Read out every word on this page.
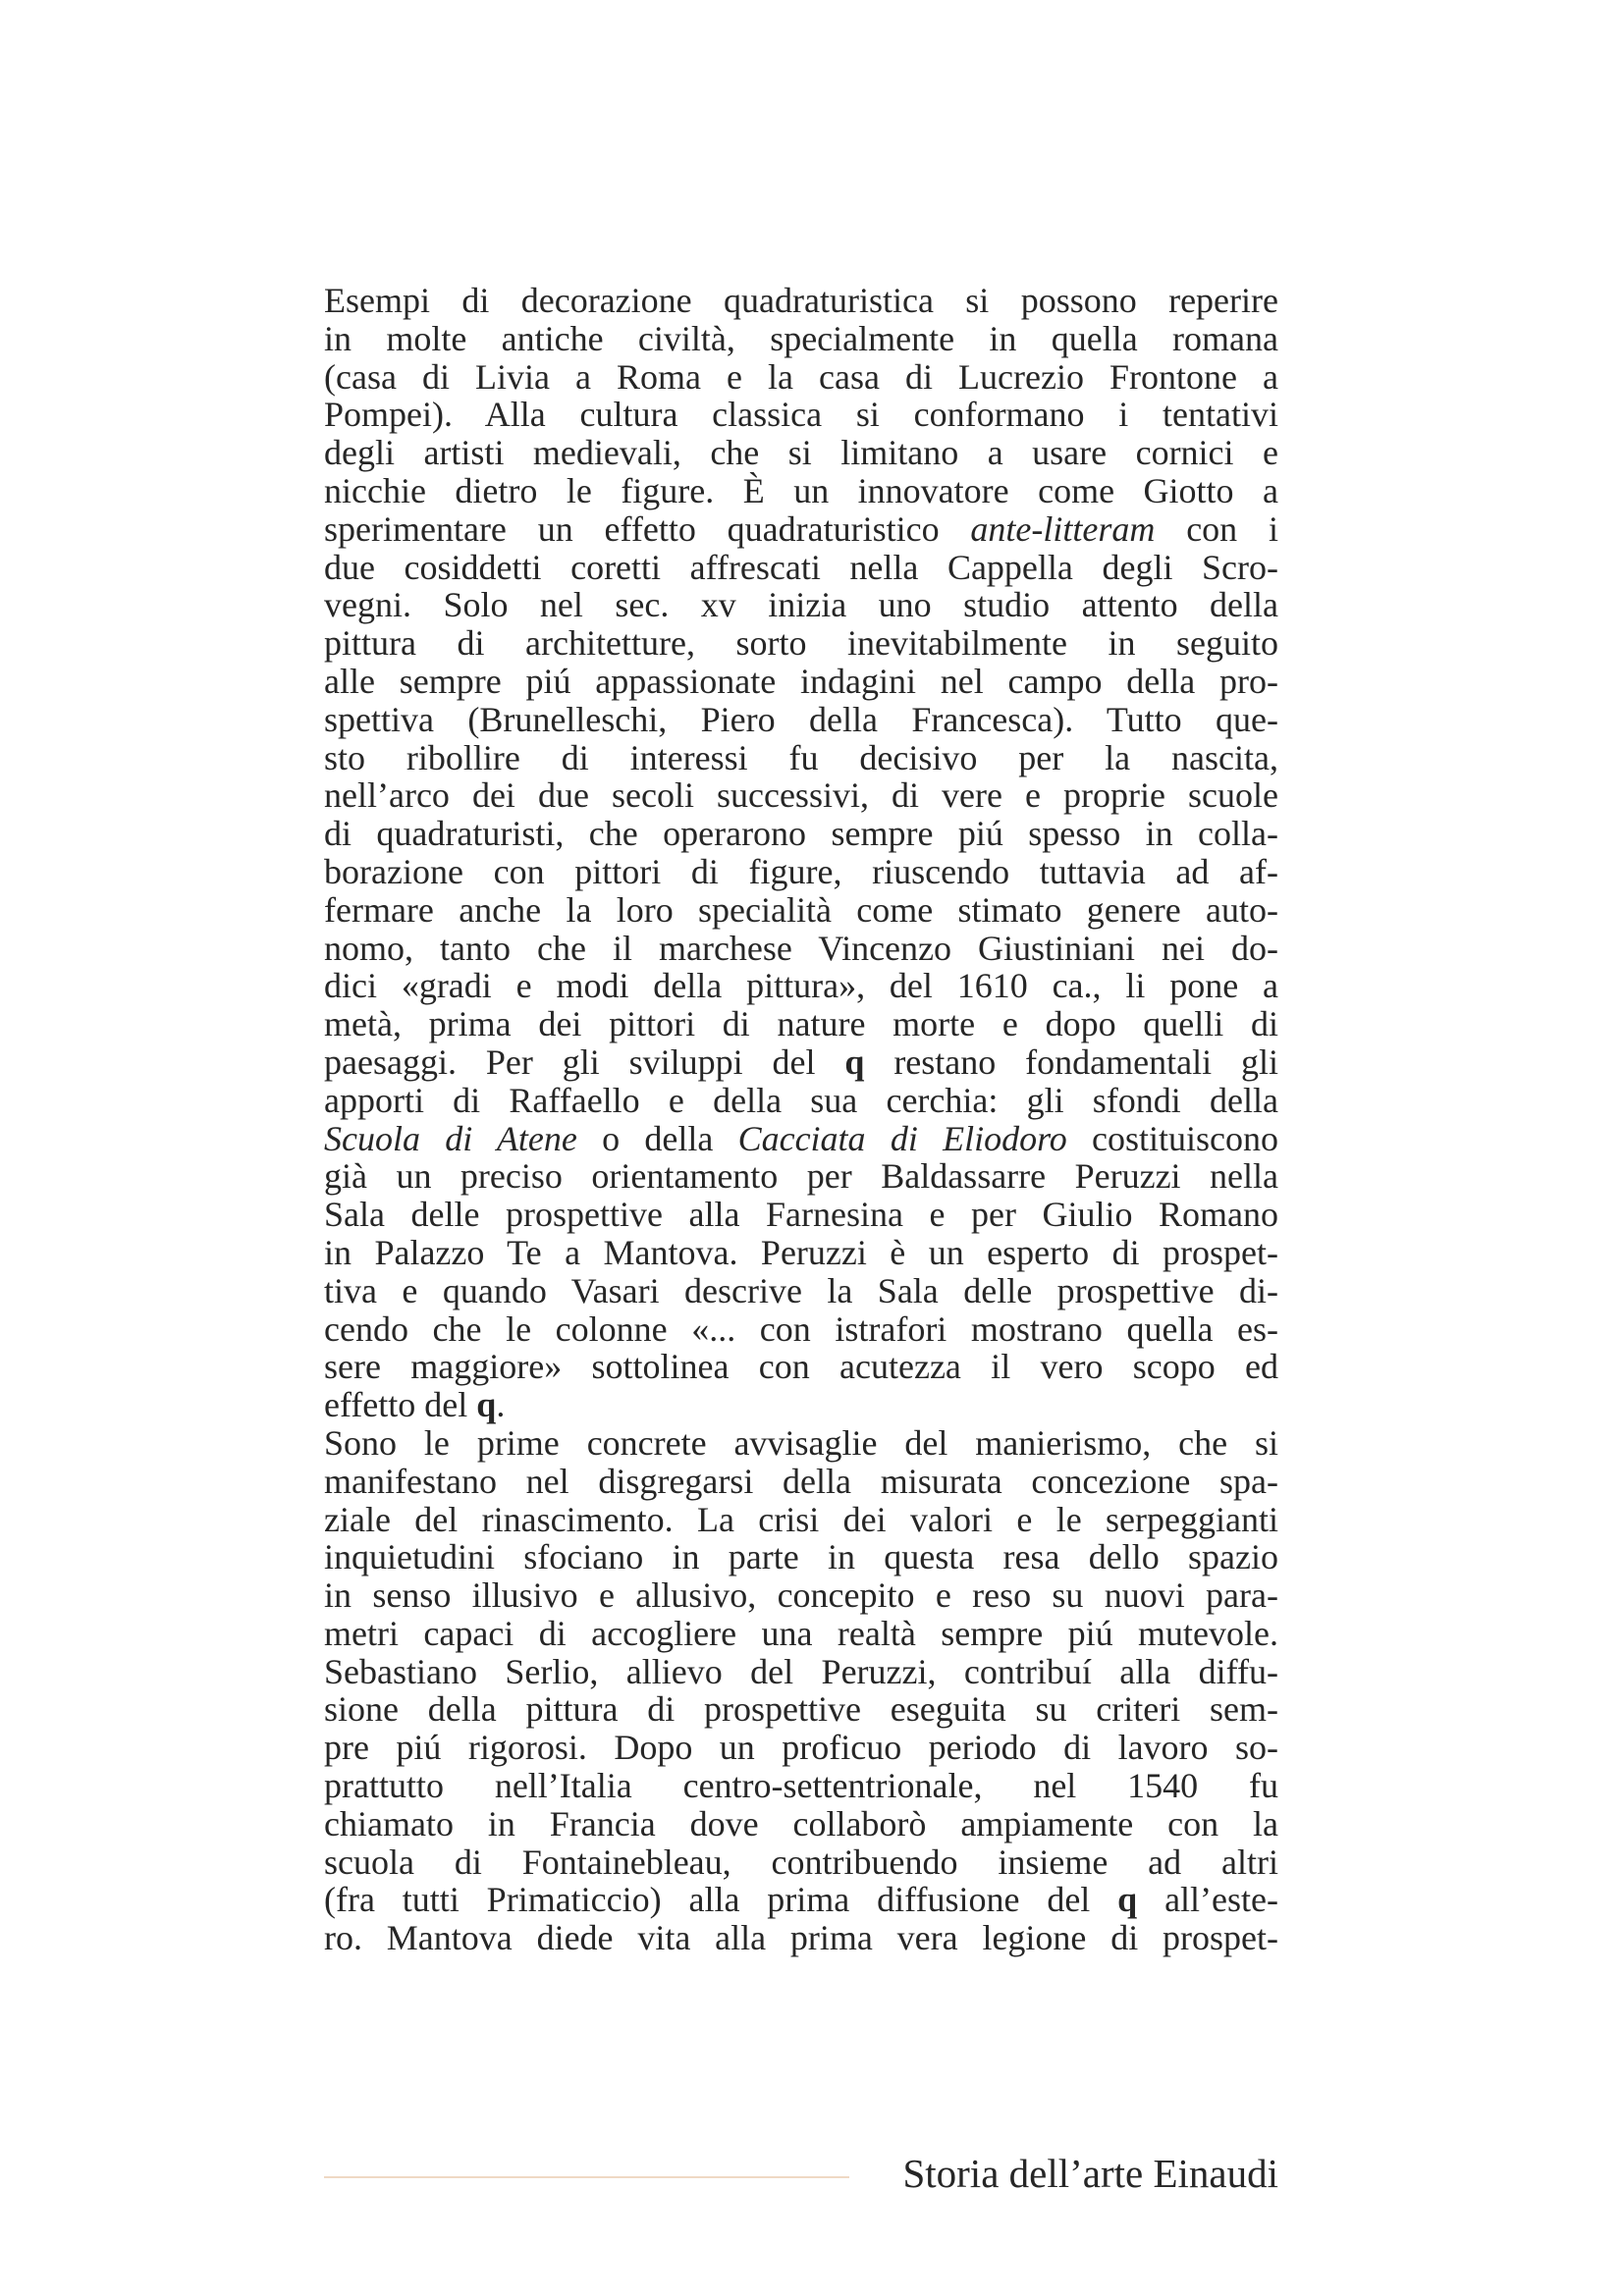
Esempi di decorazione quadraturistica si possono reperire
in molte antiche civiltà, specialmente in quella romana
(casa di Livia a Roma e la casa di Lucrezio Frontone a
Pompei). Alla cultura classica si conformano i tentativi
degli artisti medievali, che si limitano a usare cornici e
nicchie dietro le figure. È un innovatore come Giotto a
sperimentare un effetto quadraturistico ante-litteram con i
due cosiddetti coretti affrescati nella Cappella degli Scro-
vegni. Solo nel sec. xv inizia uno studio attento della
pittura di architetture, sorto inevitabilmente in seguito
alle sempre piú appassionate indagini nel campo della pro-
spettiva (Brunelleschi, Piero della Francesca). Tutto que-
sto ribollire di interessi fu decisivo per la nascita,
nell’arco dei due secoli successivi, di vere e proprie scuole
di quadraturisti, che operarono sempre piú spesso in colla-
borazione con pittori di figure, riuscendo tuttavia ad af-
fermare anche la loro specialità come stimato genere auto-
nomo, tanto che il marchese Vincenzo Giustiniani nei do-
dici «gradi e modi della pittura», del 1610 ca., li pone a
metà, prima dei pittori di nature morte e dopo quelli di
paesaggi. Per gli sviluppi del q restano fondamentali gli
apporti di Raffaello e della sua cerchia: gli sfondi della
Scuola di Atene o della Cacciata di Eliodoro costituiscono
già un preciso orientamento per Baldassarre Peruzzi nella
Sala delle prospettive alla Farnesina e per Giulio Romano
in Palazzo Te a Mantova. Peruzzi è un esperto di prospet-
tiva e quando Vasari descrive la Sala delle prospettive di-
cendo che le colonne «... con istrafori mostrano quella es-
sere maggiore» sottolinea con acutezza il vero scopo ed
effetto del q.

Sono le prime concrete avvisaglie del manierismo, che si
manifestano nel disgregarsi della misurata concezione spa-
ziale del rinascimento. La crisi dei valori e le serpeggianti
inquietudini sfociano in parte in questa resa dello spazio
in senso illusivo e allusivo, concepito e reso su nuovi para-
metri capaci di accogliere una realtà sempre piú mutevole.
Sebastiano Serlio, allievo del Peruzzi, contribuí alla diffu-
sione della pittura di prospettive eseguita su criteri sem-
pre piú rigorosi. Dopo un proficuo periodo di lavoro so-
prattutto nell’Italia centro-settentrionale, nel 1540 fu
chiamato in Francia dove collaborò ampiamente con la
scuola di Fontainebleau, contribuendo insieme ad altri
(fra tutti Primaticcio) alla prima diffusione del q all’este-
ro. Mantova diede vita alla prima vera legione di prospet-

Storia dell’arte Einaudi
